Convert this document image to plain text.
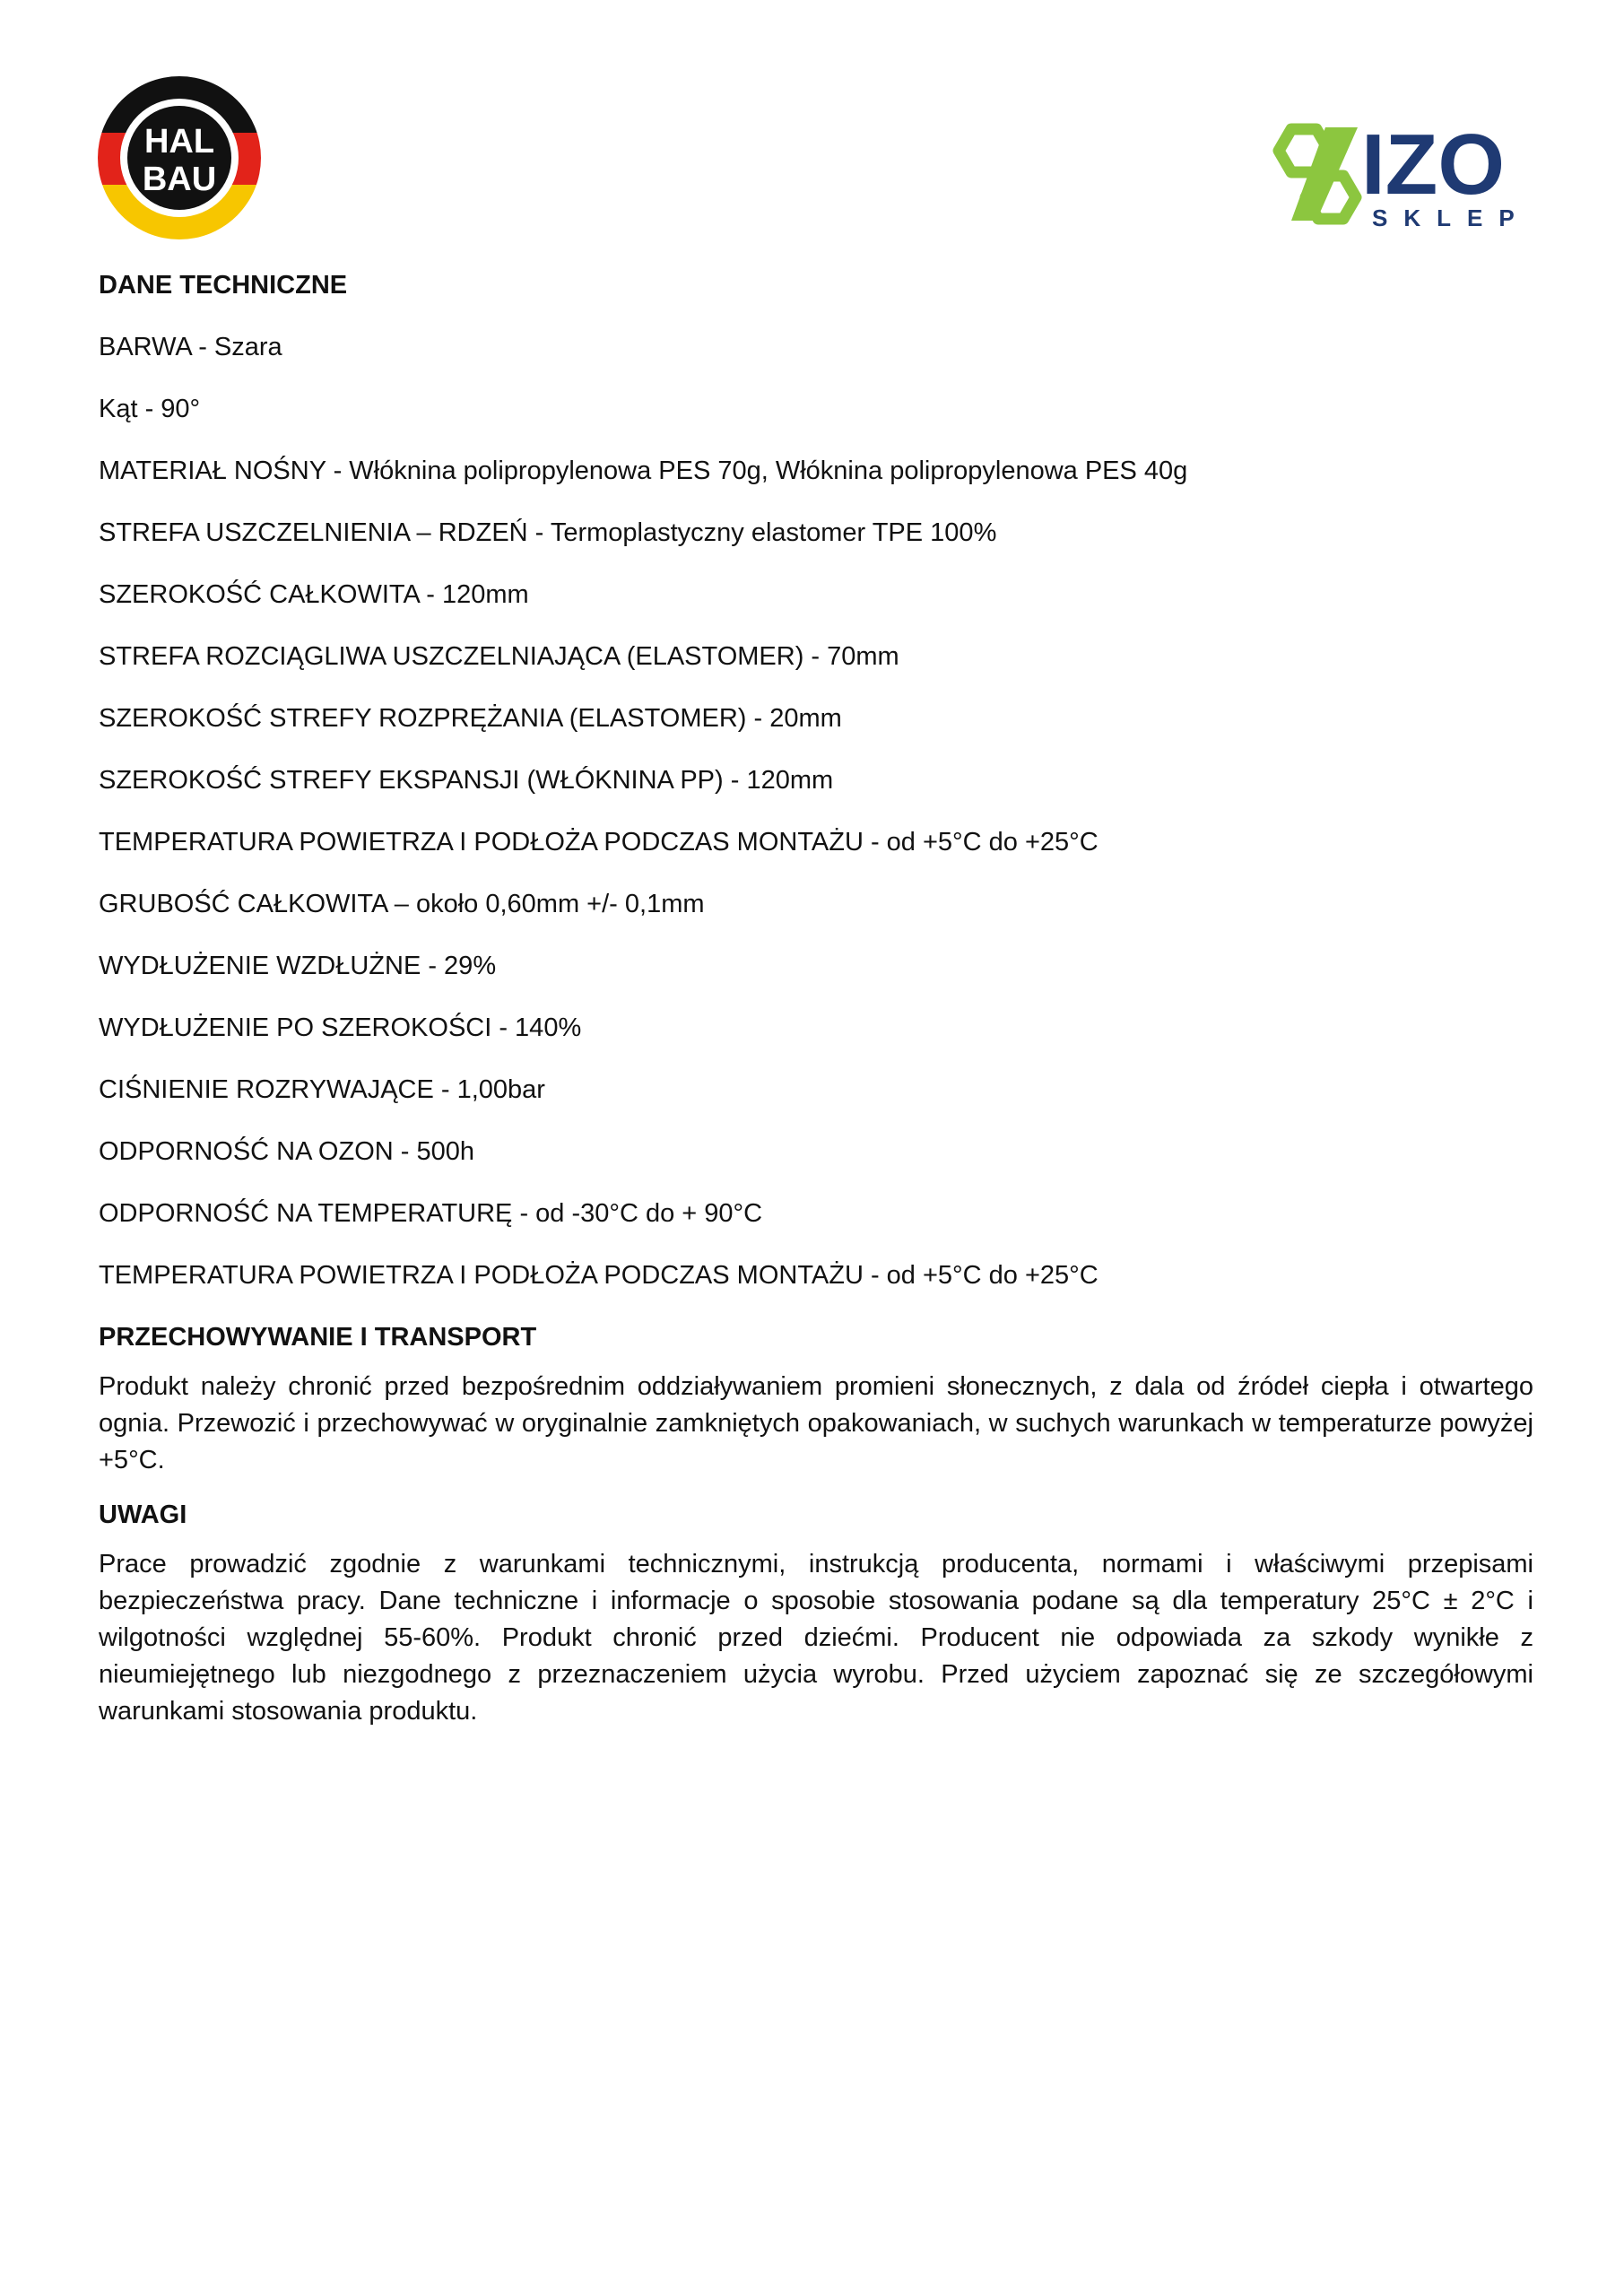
HAL
BAU	IZO
SKLEP
DANE TECHNICZNE
BARWA - Szara
Kąt - 90°
MATERIAŁ NOŚNY - Włóknina polipropylenowa PES 70g, Włóknina polipropylenowa PES 40g
STREFA USZCZELNIENIA – RDZEŃ - Termoplastyczny elastomer TPE 100%
SZEROKOŚĆ CAŁKOWITA - 120mm
STREFA ROZCIĄGLIWA USZCZELNIAJĄCA (ELASTOMER) - 70mm
SZEROKOŚĆ STREFY ROZPRĘŻANIA (ELASTOMER) - 20mm
SZEROKOŚĆ STREFY EKSPANSJI (WŁÓKNINA PP) - 120mm
TEMPERATURA POWIETRZA I PODŁOŻA PODCZAS MONTAŻU - od +5°C do +25°C
GRUBOŚĆ CAŁKOWITA – około 0,60mm +/- 0,1mm
WYDŁUŻENIE WZDŁUŻNE - 29%
WYDŁUŻENIE PO SZEROKOŚCI - 140%
CIŚNIENIE ROZRYWAJĄCE - 1,00bar
ODPORNOŚĆ NA OZON - 500h
ODPORNOŚĆ NA TEMPERATURĘ - od -30°C do + 90°C
TEMPERATURA POWIETRZA I PODŁOŻA PODCZAS MONTAŻU - od +5°C do +25°C
PRZECHOWYWANIE I TRANSPORT

Produkt należy chronić przed bezpośrednim oddziaływaniem promieni słonecznych, z dala od źródeł ciepła i otwartego ognia. Przewozić i przechowywać w oryginalnie zamkniętych opakowaniach, w suchych warunkach w temperaturze powyżej +5°C.

UWAGI

Prace prowadzić zgodnie z warunkami technicznymi, instrukcją producenta, normami i właściwymi przepisami bezpieczeństwa pracy. Dane techniczne i informacje o sposobie stosowania podane są dla temperatury 25°C ± 2°C i wilgotności względnej 55-60%. Produkt chronić przed dziećmi. Producent nie odpowiada za szkody wynikłe z nieumiejętnego lub niezgodnego z przeznaczeniem użycia wyrobu. Przed użyciem zapoznać się ze szczegółowymi warunkami stosowania produktu.
